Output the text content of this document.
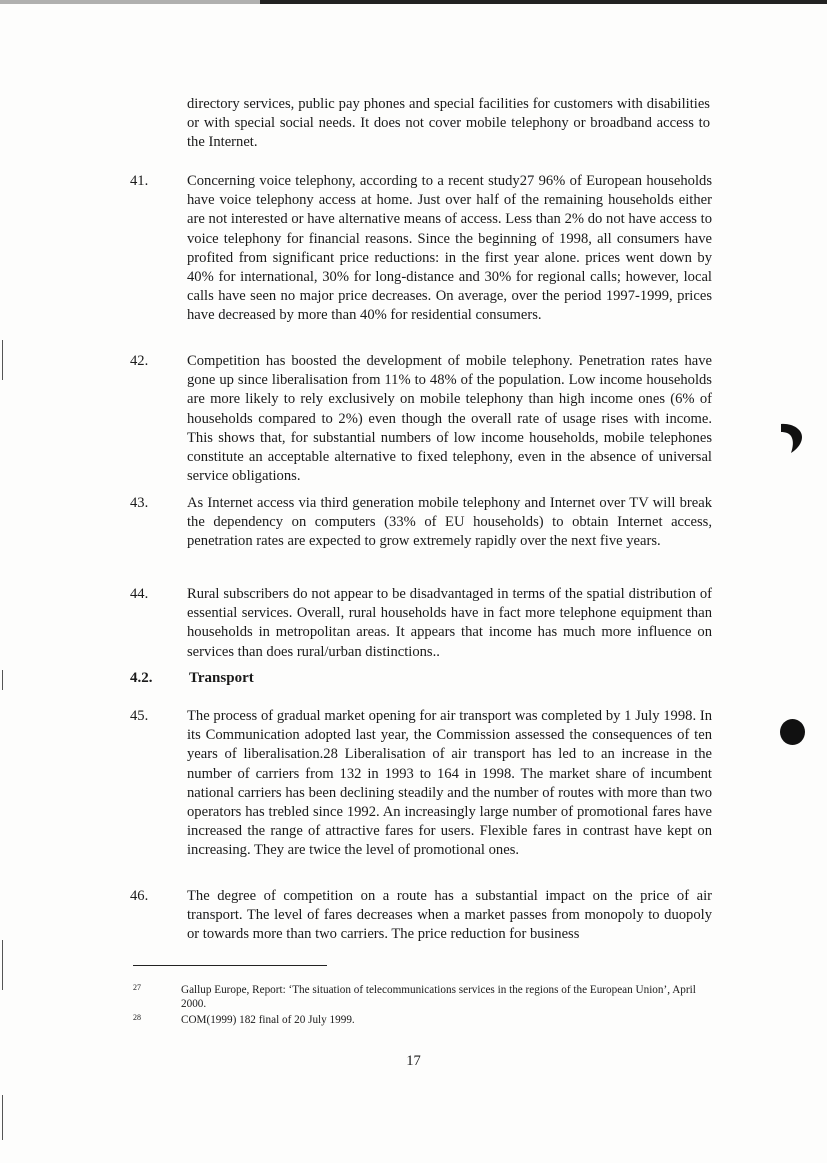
directory services, public pay phones and special facilities for customers with disabilities or with special social needs. It does not cover mobile telephony or broadband access to the Internet.
41.	Concerning voice telephony, according to a recent study27 96% of European households have voice telephony access at home. Just over half of the remaining households either are not interested or have alternative means of access. Less than 2% do not have access to voice telephony for financial reasons. Since the beginning of 1998, all consumers have profited from significant price reductions: in the first year alone. prices went down by 40% for international, 30% for long-distance and 30% for regional calls; however, local calls have seen no major price decreases. On average, over the period 1997-1999, prices have decreased by more than 40% for residential consumers.
42.	Competition has boosted the development of mobile telephony. Penetration rates have gone up since liberalisation from 11% to 48% of the population. Low income households are more likely to rely exclusively on mobile telephony than high income ones (6% of households compared to 2%) even though the overall rate of usage rises with income. This shows that, for substantial numbers of low income households, mobile telephones constitute an acceptable alternative to fixed telephony, even in the absence of universal service obligations.
43.	As Internet access via third generation mobile telephony and Internet over TV will break the dependency on computers (33% of EU households) to obtain Internet access, penetration rates are expected to grow extremely rapidly over the next five years.
44.	Rural subscribers do not appear to be disadvantaged in terms of the spatial distribution of essential services. Overall, rural households have in fact more telephone equipment than households in metropolitan areas. It appears that income has much more influence on services than does rural/urban distinctions..
4.2. Transport
45.	The process of gradual market opening for air transport was completed by 1 July 1998. In its Communication adopted last year, the Commission assessed the consequences of ten years of liberalisation.28 Liberalisation of air transport has led to an increase in the number of carriers from 132 in 1993 to 164 in 1998. The market share of incumbent national carriers has been declining steadily and the number of routes with more than two operators has trebled since 1992. An increasingly large number of promotional fares have increased the range of attractive fares for users. Flexible fares in contrast have kept on increasing. They are twice the level of promotional ones.
46.	The degree of competition on a route has a substantial impact on the price of air transport. The level of fares decreases when a market passes from monopoly to duopoly or towards more than two carriers. The price reduction for business
27	Gallup Europe, Report: ‘The situation of telecommunications services in the regions of the European Union’, April 2000.
28	COM(1999) 182 final of 20 July 1999.
17
